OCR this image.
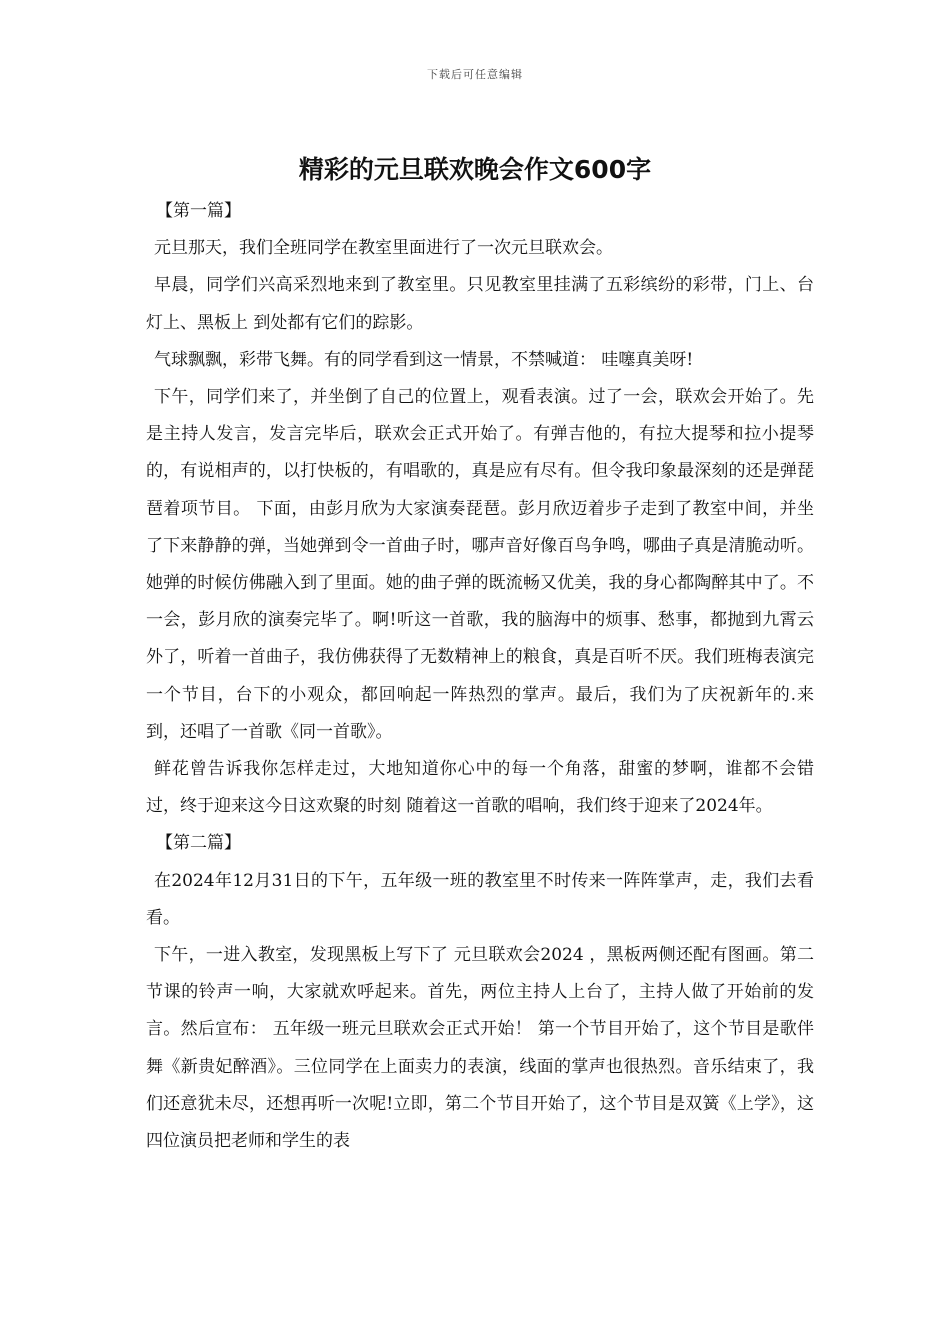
下载后可任意编辑
精彩的元旦联欢晚会作文600字

【第一篇】

元旦那天，我们全班同学在教室里面进行了一次元旦联欢会。

早晨，同学们兴高采烈地来到了教室里。只见教室里挂满了五彩缤纷的彩带，门上、台灯上、黑板上 到处都有它们的踪影。

气球飘飘，彩带飞舞。有的同学看到这一情景，不禁喊道： 哇噻真美呀!

下午，同学们来了，并坐倒了自己的位置上，观看表演。过了一会，联欢会开始了。先是主持人发言，发言完毕后，联欢会正式开始了。有弹吉他的，有拉大提琴和拉小提琴的，有说相声的，以打快板的，有唱歌的，真是应有尽有。但令我印象最深刻的还是弹琵琶着项节目。 下面，由彭月欣为大家演奏琵琶。彭月欣迈着步子走到了教室中间，并坐了下来静静的弹，当她弹到令一首曲子时，哪声音好像百鸟争鸣，哪曲子真是清脆动听。她弹的时候仿佛融入到了里面。她的曲子弹的既流畅又优美，我的身心都陶醉其中了。不一会，彭月欣的演奏完毕了。啊!听这一首歌，我的脑海中的烦事、愁事，都抛到九霄云外了，听着一首曲子，我仿佛获得了无数精神上的粮食，真是百听不厌。我们班梅表演完一个节目，台下的小观众，都回响起一阵热烈的掌声。最后，我们为了庆祝新年的.来到，还唱了一首歌《同一首歌》。

鲜花曾告诉我你怎样走过，大地知道你心中的每一个角落，甜蜜的梦啊，谁都不会错过，终于迎来这今日这欢聚的时刻 随着这一首歌的唱响，我们终于迎来了2024年。

【第二篇】

在2024年12月31日的下午，五年级一班的教室里不时传来一阵阵掌声，走，我们去看看。

下午，一进入教室，发现黑板上写下了 元旦联欢会2024 ，黑板两侧还配有图画。第二节课的铃声一响，大家就欢呼起来。首先，两位主持人上台了，主持人做了开始前的发言。然后宣布： 五年级一班元旦联欢会正式开始！ 第一个节目开始了，这个节目是歌伴舞《新贵妃醉酒》。三位同学在上面卖力的表演，线面的掌声也很热烈。音乐结束了，我们还意犹未尽，还想再听一次呢!立即，第二个节目开始了，这个节目是双簧《上学》，这四位演员把老师和学生的表
